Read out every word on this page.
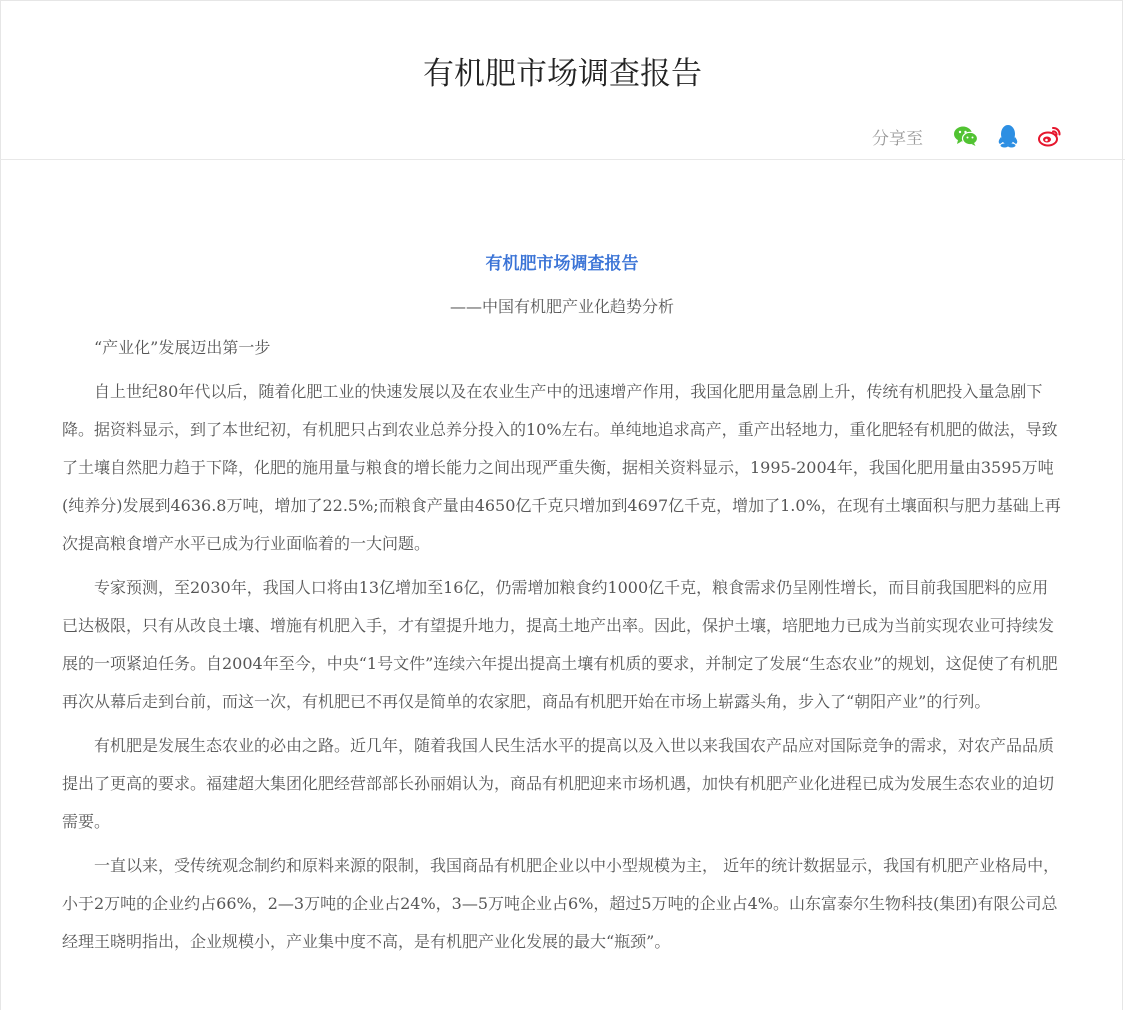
有机肥市场调查报告
分享至

有机肥市场调查报告

——中国有机肥产业化趋势分析

“产业化”发展迈出第一步

自上世纪80年代以后，随着化肥工业的快速发展以及在农业生产中的迅速增产作用，我国化肥用量急剧上升，传统有机肥投入量急剧下降。据资料显示，到了本世纪初，有机肥只占到农业总养分投入的10%左右。单纯地追求高产，重产出轻地力，重化肥轻有机肥的做法，导致了土壤自然肥力趋于下降，化肥的施用量与粮食的增长能力之间出现严重失衡，据相关资料显示，1995-2004年，我国化肥用量由3595万吨(纯养分)发展到4636.8万吨，增加了22.5%;而粮食产量由4650亿千克只增加到4697亿千克，增加了1.0%，在现有土壤面积与肥力基础上再次提高粮食增产水平已成为行业面临着的一大问题。

专家预测，至2030年，我国人口将由13亿增加至16亿，仍需增加粮食约1000亿千克，粮食需求仍呈刚性增长，而目前我国肥料的应用已达极限，只有从改良土壤、增施有机肥入手，才有望提升地力，提高土地产出率。因此，保护土壤，培肥地力已成为当前实现农业可持续发展的一项紧迫任务。自2004年至今，中央“1号文件”连续六年提出提高土壤有机质的要求，并制定了发展“生态农业”的规划，这促使了有机肥再次从幕后走到台前，而这一次，有机肥已不再仅是简单的农家肥，商品有机肥开始在市场上崭露头角，步入了“朝阳产业”的行列。

有机肥是发展生态农业的必由之路。近几年，随着我国人民生活水平的提高以及入世以来我国农产品应对国际竞争的需求，对农产品品质提出了更高的要求。福建超大集团化肥经营部部长孙丽娟认为，商品有机肥迎来市场机遇，加快有机肥产业化进程已成为发展生态农业的迫切需要。

一直以来，受传统观念制约和原料来源的限制，我国商品有机肥企业以中小型规模为主， 近年的统计数据显示，我国有机肥产业格局中，小于2万吨的企业约占66%，2—3万吨的企业占24%，3—5万吨企业占6%，超过5万吨的企业占4%。山东富泰尔生物科技(集团)有限公司总经理王晓明指出，企业规模小，产业集中度不高，是有机肥产业化发展的最大“瓶颈”。
